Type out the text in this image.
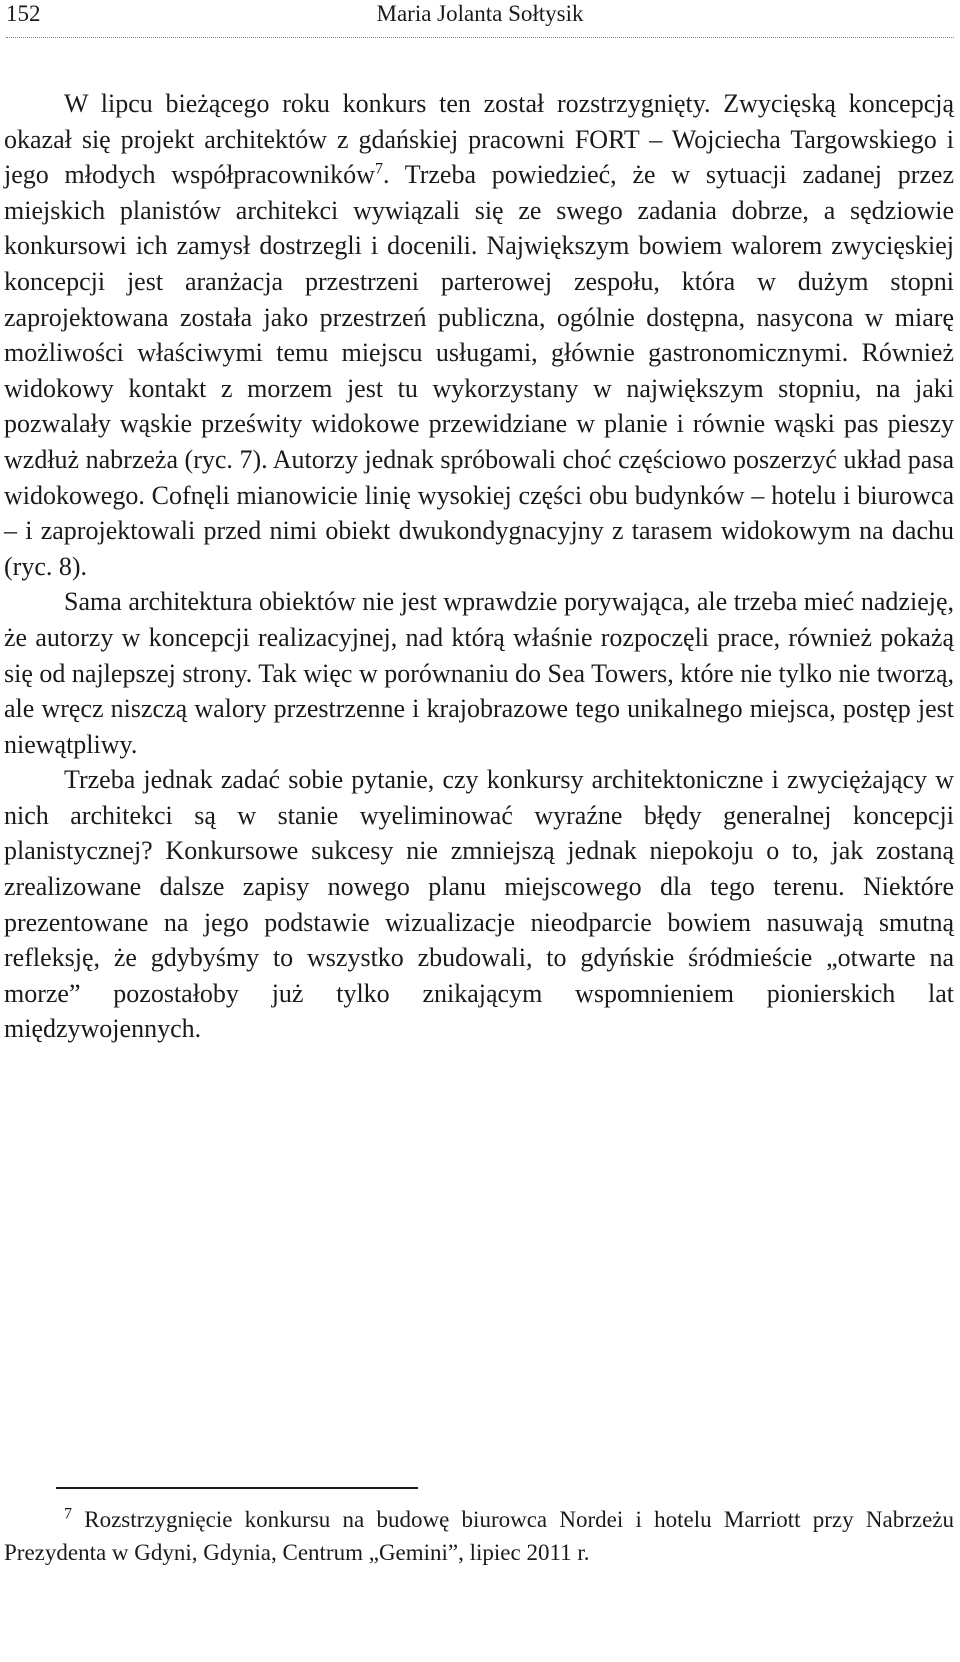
152	Maria Jolanta Sołtysik

W lipcu bieżącego roku konkurs ten został rozstrzygnięty. Zwycięską koncepcją okazał się projekt architektów z gdańskiej pracowni FORT – Wojciecha Targowskiego i jego młodych współpracowników$^7$. Trzeba powiedzieć, że w sytuacji zadanej przez miejskich planistów architekci wywiązali się ze swego zadania dobrze, a sędziowie konkursowi ich zamysł dostrzegli i docenili. Największym bowiem walorem zwycięskiej koncepcji jest aranżacja przestrzeni parterowej zespołu, która w dużym stopni zaprojektowana została jako przestrzeń publiczna, ogólnie dostępna, nasycona w miarę możliwości właściwymi temu miejscu usługami, głównie gastronomicznymi. Również widokowy kontakt z morzem jest tu wykorzystany w największym stopniu, na jaki pozwalały wąskie prześwity widokowe przewidziane w planie i równie wąski pas pieszy wzdłuż nabrzeża (ryc. 7). Autorzy jednak spróbowali choć częściowo poszerzyć układ pasa widokowego. Cofnęli mianowicie linię wysokiej części obu budynków – hotelu i biurowca – i zaprojektowali przed nimi obiekt dwukondygnacyjny z tarasem widokowym na dachu (ryc. 8).

Sama architektura obiektów nie jest wprawdzie porywająca, ale trzeba mieć nadzieję, że autorzy w koncepcji realizacyjnej, nad którą właśnie rozpoczęli prace, również pokażą się od najlepszej strony. Tak więc w porównaniu do Sea Towers, które nie tylko nie tworzą, ale wręcz niszczą walory przestrzenne i krajobrazowe tego unikalnego miejsca, postęp jest niewątpliwy.

Trzeba jednak zadać sobie pytanie, czy konkursy architektoniczne i zwyciężający w nich architekci są w stanie wyeliminować wyraźne błędy generalnej koncepcji planistycznej? Konkursowe sukcesy nie zmniejszą jednak niepokoju o to, jak zostaną zrealizowane dalsze zapisy nowego planu miejscowego dla tego terenu. Niektóre prezentowane na jego podstawie wizualizacje nieodparcie bowiem nasuwają smutną refleksję, że gdybyśmy to wszystko zbudowali, to gdyńskie śródmieście „otwarte na morze” pozostałoby już tylko znikającym wspomnieniem pionierskich lat międzywojennych.

$^7$ Rozstrzygnięcie konkursu na budowę biurowca Nordei i hotelu Marriott przy Nabrzeżu Prezydenta w Gdyni, Gdynia, Centrum „Gemini”, lipiec 2011 r.
